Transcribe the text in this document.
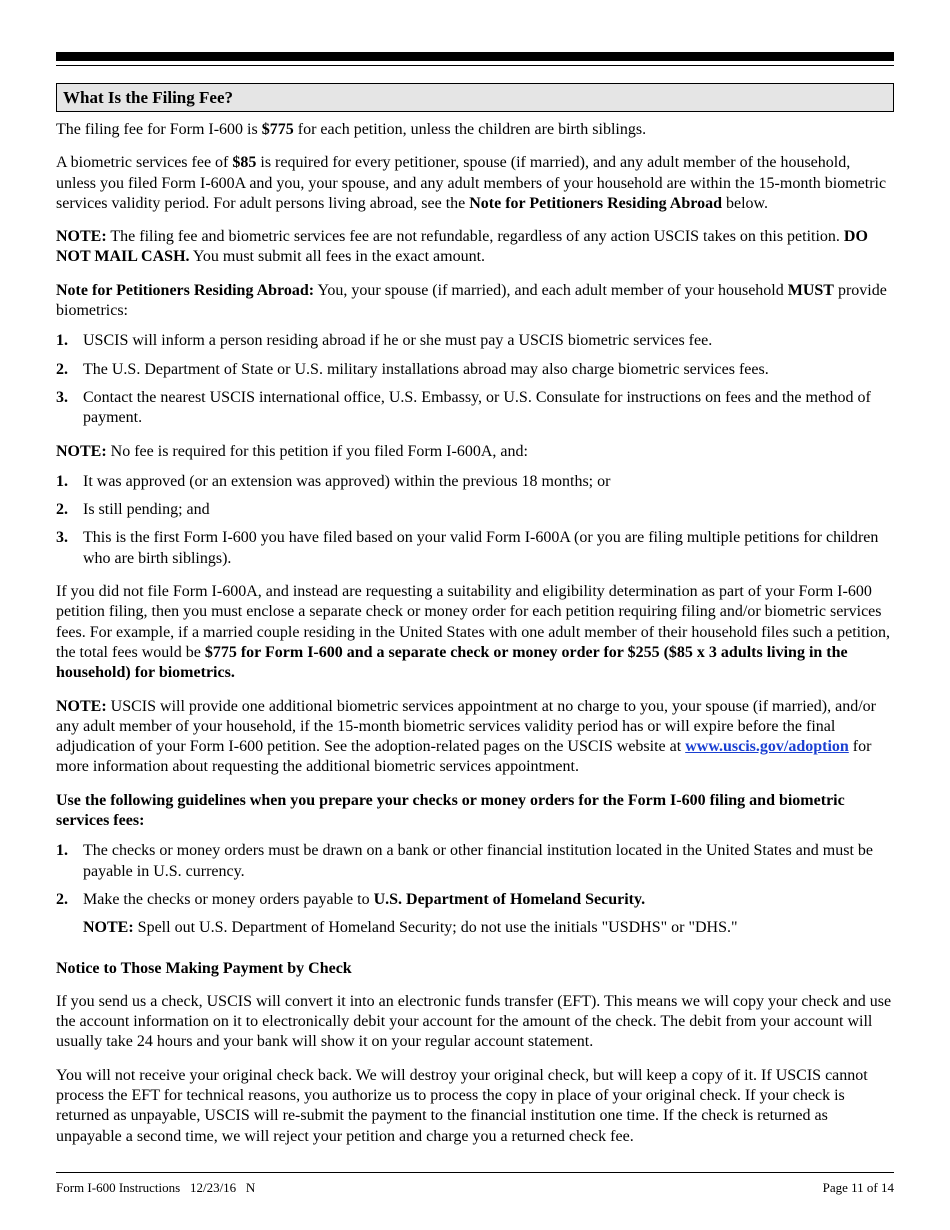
What Is the Filing Fee?

The filing fee for Form I-600 is $775 for each petition, unless the children are birth siblings.

A biometric services fee of $85 is required for every petitioner, spouse (if married), and any adult member of the household, unless you filed Form I-600A and you, your spouse, and any adult members of your household are within the 15-month biometric services validity period. For adult persons living abroad, see the Note for Petitioners Residing Abroad below.

NOTE: The filing fee and biometric services fee are not refundable, regardless of any action USCIS takes on this petition. DO NOT MAIL CASH. You must submit all fees in the exact amount.

Note for Petitioners Residing Abroad: You, your spouse (if married), and each adult member of your household MUST provide biometrics:

1. USCIS will inform a person residing abroad if he or she must pay a USCIS biometric services fee.
2. The U.S. Department of State or U.S. military installations abroad may also charge biometric services fees.
3. Contact the nearest USCIS international office, U.S. Embassy, or U.S. Consulate for instructions on fees and the method of payment.

NOTE: No fee is required for this petition if you filed Form I-600A, and:

1. It was approved (or an extension was approved) within the previous 18 months; or
2. Is still pending; and
3. This is the first Form I-600 you have filed based on your valid Form I-600A (or you are filing multiple petitions for children who are birth siblings).

If you did not file Form I-600A, and instead are requesting a suitability and eligibility determination as part of your Form I-600 petition filing, then you must enclose a separate check or money order for each petition requiring filing and/or biometric services fees. For example, if a married couple residing in the United States with one adult member of their household files such a petition, the total fees would be $775 for Form I-600 and a separate check or money order for $255 ($85 x 3 adults living in the household) for biometrics.

NOTE: USCIS will provide one additional biometric services appointment at no charge to you, your spouse (if married), and/or any adult member of your household, if the 15-month biometric services validity period has or will expire before the final adjudication of your Form I-600 petition. See the adoption-related pages on the USCIS website at www.uscis.gov/adoption for more information about requesting the additional biometric services appointment.

Use the following guidelines when you prepare your checks or money orders for the Form I-600 filing and biometric services fees:

1. The checks or money orders must be drawn on a bank or other financial institution located in the United States and must be payable in U.S. currency.
2. Make the checks or money orders payable to U.S. Department of Homeland Security.

NOTE: Spell out U.S. Department of Homeland Security; do not use the initials "USDHS" or "DHS."

Notice to Those Making Payment by Check

If you send us a check, USCIS will convert it into an electronic funds transfer (EFT). This means we will copy your check and use the account information on it to electronically debit your account for the amount of the check. The debit from your account will usually take 24 hours and your bank will show it on your regular account statement.

You will not receive your original check back. We will destroy your original check, but will keep a copy of it. If USCIS cannot process the EFT for technical reasons, you authorize us to process the copy in place of your original check. If your check is returned as unpayable, USCIS will re-submit the payment to the financial institution one time. If the check is returned as unpayable a second time, we will reject your petition and charge you a returned check fee.

Form I-600 Instructions   12/23/16   N	Page 11 of 14
